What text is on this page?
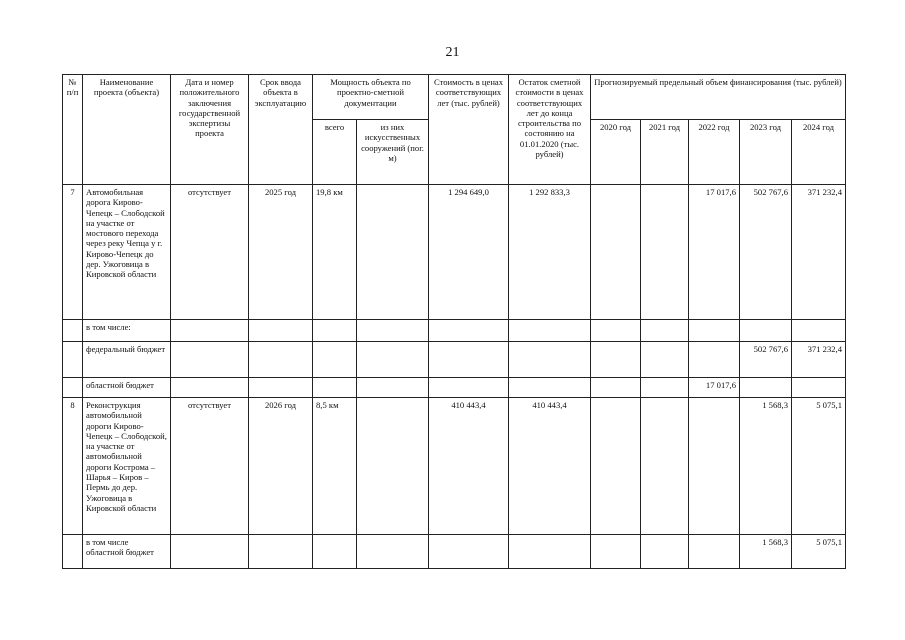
21
№ п/п	Наименование проекта (объекта)	Дата и номер положительного заключения государственной экспертизы проекта	Срок ввода объекта в эксплуатацию	Мощность объекта по проектно-сметной документации		Стоимость в ценах соответствующих лет (тыс. рублей)	Остаток сметной стоимости в ценах соответствующих лет до конца строительства по состоянию на 01.01.2020 (тыс. рублей)	Прогнозируемый предельный объем финансирования (тыс. рублей)				
				всего	из них искусственных сооружений (пог. м)			2020 год	2021 год	2022 год	2023 год	2024 год
7	Автомобильная дорога Кирово-Чепецк – Слободской на участке от мостового перехода через реку Чепца у г. Кирово-Чепецк до дер. Ужоговица в Кировской области	отсутствует	2025 год	19,8 км		1 294 649,0	1 292 833,3			17 017,6	502 767,6	371 232,4
	в том числе:											
	федеральный бюджет										502 767,6	371 232,4
	областной бюджет									17 017,6		
8	Реконструкция автомобильной дороги Кирово-Чепецк – Слободской, на участке от автомобильной дороги Кострома – Шарья – Киров – Пермь до дер. Ужоговица в Кировской области	отсутствует	2026 год	8,5 км		410 443,4	410 443,4				1 568,3	5 075,1
	в том числе областной бюджет										1 568,3	5 075,1
